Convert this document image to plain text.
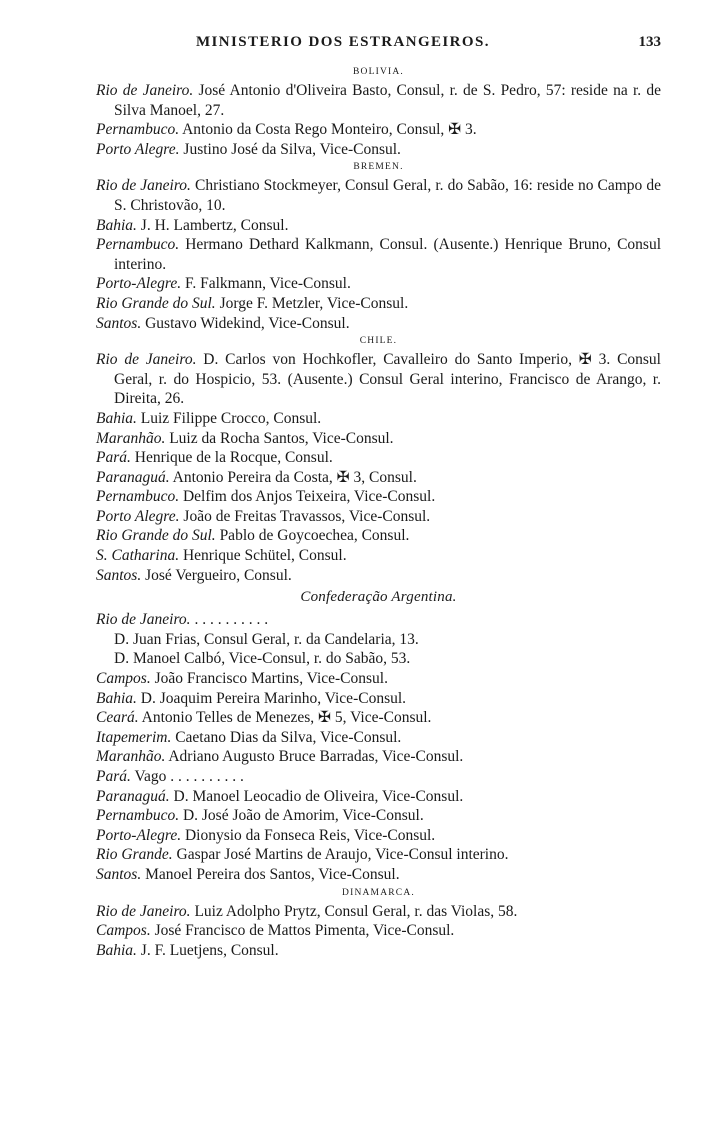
MINISTERIO DOS ESTRANGEIROS.	133
BOLIVIA.
Rio de Janeiro. José Antonio d'Oliveira Basto, Consul, r. de S. Pedro, 57: reside na r. de Silva Manoel, 27.
Pernambuco. Antonio da Costa Rego Monteiro, Consul, ✠ 3.
Porto Alegre. Justino José da Silva, Vice-Consul.
BREMEN.
Rio de Janeiro. Christiano Stockmeyer, Consul Geral, r. do Sabão, 16: reside no Campo de S. Christovão, 10.
Bahia. J. H. Lambertz, Consul.
Pernambuco. Hermano Dethard Kalkmann, Consul. (Ausente.) Henrique Bruno, Consul interino.
Porto-Alegre. F. Falkmann, Vice-Consul.
Rio Grande do Sul. Jorge F. Metzler, Vice-Consul.
Santos. Gustavo Widekind, Vice-Consul.
CHILE.
Rio de Janeiro. D. Carlos von Hochkofler, Cavalleiro do Santo Imperio, ✠ 3. Consul Geral, r. do Hospicio, 53. (Ausente.) Consul Geral interino, Francisco de Arango, r. Direita, 26.
Bahia. Luiz Filippe Crocco, Consul.
Maranhão. Luiz da Rocha Santos, Vice-Consul.
Pará. Henrique de la Rocque, Consul.
Paranaguá. Antonio Pereira da Costa, ✠ 3, Consul.
Pernambuco. Delfim dos Anjos Teixeira, Vice-Consul.
Porto Alegre. João de Freitas Travassos, Vice-Consul.
Rio Grande do Sul. Pablo de Goycoechea, Consul.
S. Catharina. Henrique Schütel, Consul.
Santos. José Vergueiro, Consul.
Confederação Argentina.
Rio de Janeiro. . . . . . . . . . .
D. Juan Frias, Consul Geral, r. da Candelaria, 13.
D. Manoel Calbó, Vice-Consul, r. do Sabão, 53.
Campos. João Francisco Martins, Vice-Consul.
Bahia. D. Joaquim Pereira Marinho, Vice-Consul.
Ceará. Antonio Telles de Menezes, ✠ 5, Vice-Consul.
Itapemerim. Caetano Dias da Silva, Vice-Consul.
Maranhão. Adriano Augusto Bruce Barradas, Vice-Consul.
Pará. Vago . . . . . . . . . .
Paranaguá. D. Manoel Leocadio de Oliveira, Vice-Consul.
Pernambuco. D. José João de Amorim, Vice-Consul.
Porto-Alegre. Dionysio da Fonseca Reis, Vice-Consul.
Rio Grande. Gaspar José Martins de Araujo, Vice-Consul interino.
Santos. Manoel Pereira dos Santos, Vice-Consul.
DINAMARCA.
Rio de Janeiro. Luiz Adolpho Prytz, Consul Geral, r. das Violas, 58.
Campos. José Francisco de Mattos Pimenta, Vice-Consul.
Bahia. J. F. Luetjens, Consul.
